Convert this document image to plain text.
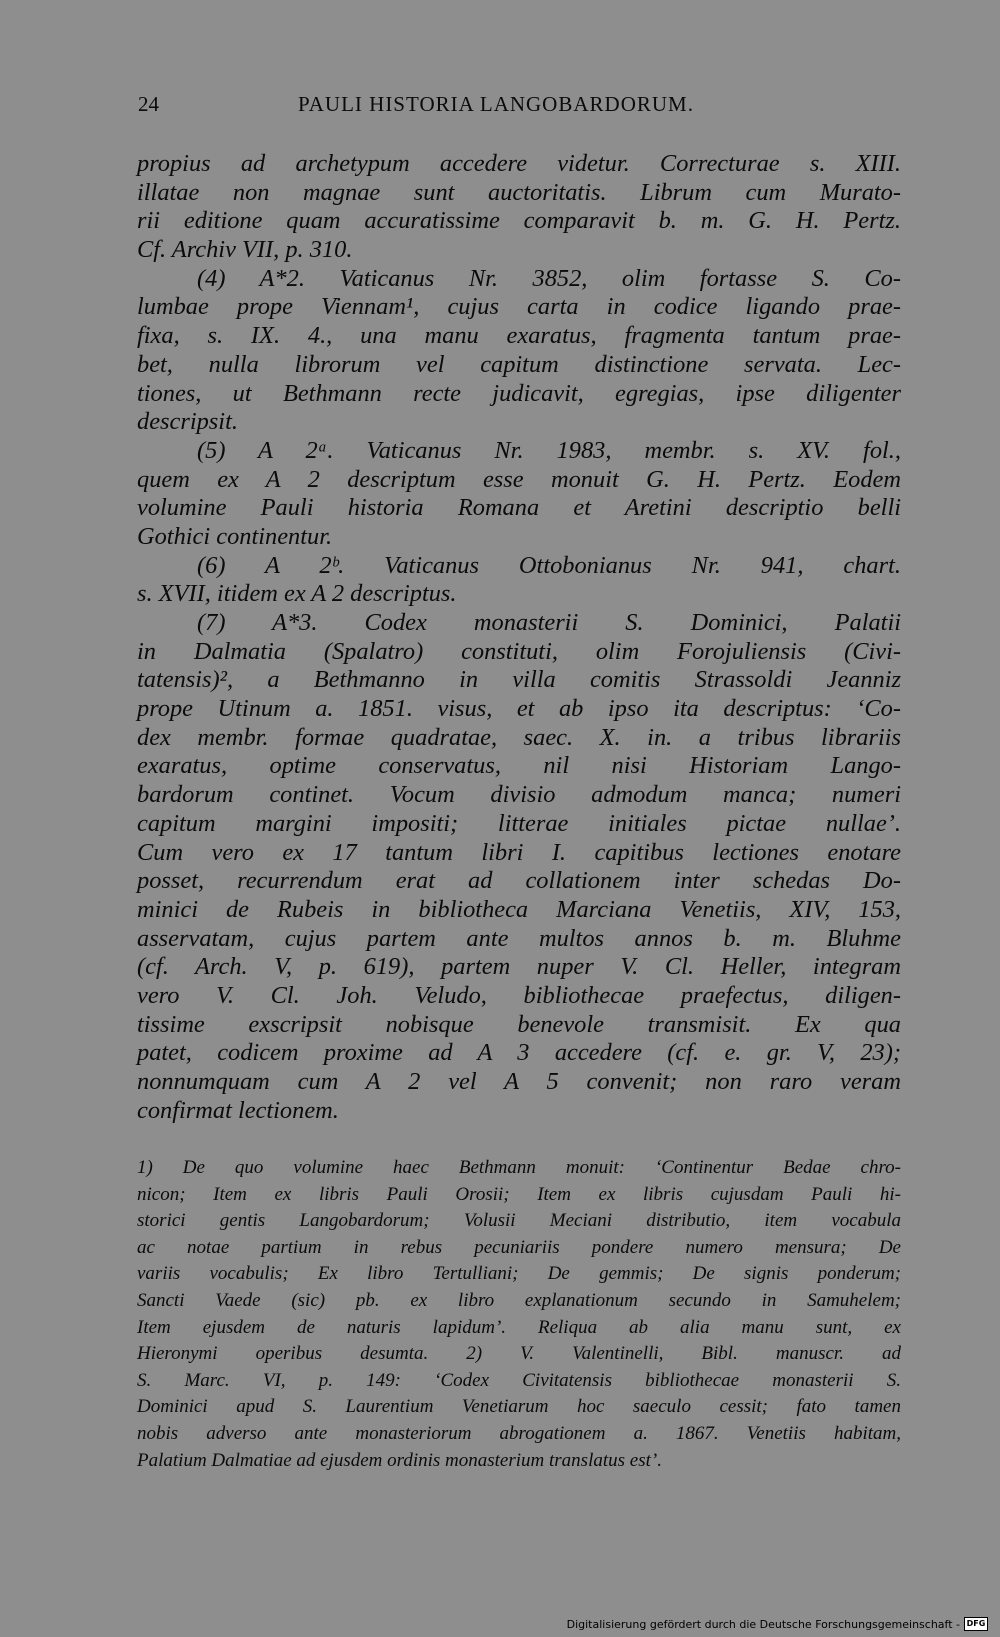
24	PAULI HISTORIA LANGOBARDORUM.
propius ad archetypum accedere videtur. Correcturae s. XIII.
illatae non magnae sunt auctoritatis. Librum cum Murato-
rii editione quam accuratissime comparavit b. m. G. H. Pertz.
Cf. Archiv VII, p. 310.
(4) A*2. Vaticanus Nr. 3852, olim fortasse S. Co-
lumbae prope Viennam¹, cujus carta in codice ligando prae-
fixa, s. IX. 4., una manu exaratus, fragmenta tantum prae-
bet, nulla librorum vel capitum distinctione servata. Lec-
tiones, ut Bethmann recte judicavit, egregias, ipse diligenter
descripsit.
(5) A 2ᵃ. Vaticanus Nr. 1983, membr. s. XV. fol.,
quem ex A 2 descriptum esse monuit G. H. Pertz. Eodem
volumine Pauli historia Romana et Aretini descriptio belli
Gothici continentur.
(6) A 2ᵇ. Vaticanus Ottobonianus Nr. 941, chart.
s. XVII, itidem ex A 2 descriptus.
(7) A*3. Codex monasterii S. Dominici, Palatii
in Dalmatia (Spalatro) constituti, olim Forojuliensis (Civi-
tatensis)², a Bethmanno in villa comitis Strassoldi Jeanniz
prope Utinum a. 1851. visus, et ab ipso ita descriptus: ‘Co-
dex membr. formae quadratae, saec. X. in. a tribus librariis
exaratus, optime conservatus, nil nisi Historiam Lango-
bardorum continet. Vocum divisio admodum manca; numeri
capitum margini impositi; litterae initiales pictae nullae’.
Cum vero ex 17 tantum libri I. capitibus lectiones enotare
posset, recurrendum erat ad collationem inter schedas Do-
minici de Rubeis in bibliotheca Marciana Venetiis, XIV, 153,
asservatam, cujus partem ante multos annos b. m. Bluhme
(cf. Arch. V, p. 619), partem nuper V. Cl. Heller, integram
vero V. Cl. Joh. Veludo, bibliothecae praefectus, diligen-
tissime exscripsit nobisque benevole transmisit. Ex qua
patet, codicem proxime ad A 3 accedere (cf. e. gr. V, 23);
nonnumquam cum A 2 vel A 5 convenit; non raro veram
confirmat lectionem.
1) De quo volumine haec Bethmann monuit: ‘Continentur Bedae chro-
nicon; Item ex libris Pauli Orosii; Item ex libris cujusdam Pauli hi-
storici gentis Langobardorum; Volusii Meciani distributio, item vocabula
ac notae partium in rebus pecuniariis pondere numero mensura; De
variis vocabulis; Ex libro Tertulliani; De gemmis; De signis ponderum;
Sancti Vaede (sic) pb. ex libro explanationum secundo in Samuhelem;
Item ejusdem de naturis lapidum’. Reliqua ab alia manu sunt, ex
Hieronymi operibus desumta. 2) V. Valentinelli, Bibl. manuscr. ad
S. Marc. VI, p. 149: ‘Codex Civitatensis bibliothecae monasterii S.
Dominici apud S. Laurentium Venetiarum hoc saeculo cessit; fato tamen
nobis adverso ante monasteriorum abrogationem a. 1867. Venetiis habitam,
Palatium Dalmatiae ad ejusdem ordinis monasterium translatus est’.
Digitalisierung gefördert durch die Deutsche Forschungsgemeinschaft - DFG
